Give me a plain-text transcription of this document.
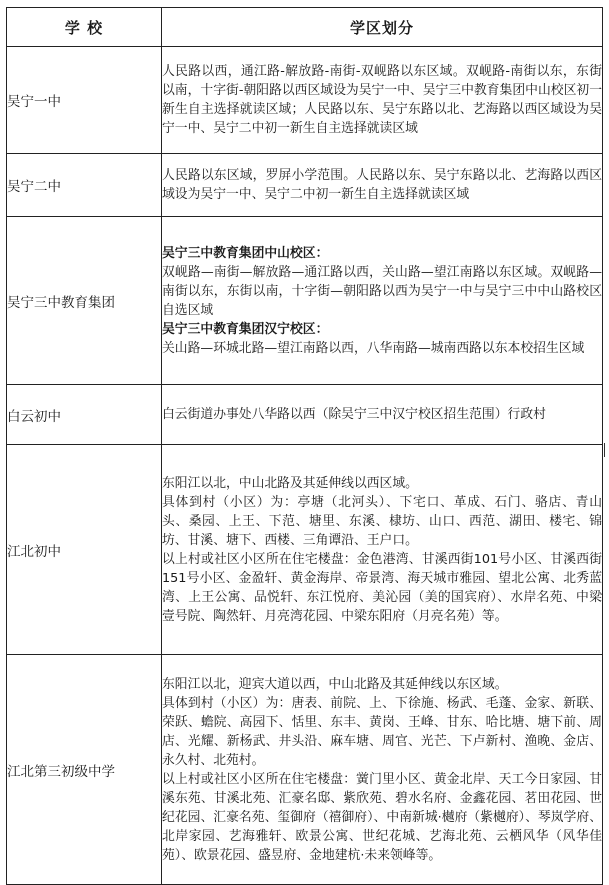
学 校	学区划分
吴宁一中	人民路以西，通江路-解放路-南街-双岘路以东区域。双岘路-南街以东，东街以南，十字街-朝阳路以西区域设为吴宁一中、吴宁三中教育集团中山校区初一新生自主选择就读区域；人民路以东、吴宁东路以北、艺海路以西区域设为吴宁一中、吴宁二中初一新生自主选择就读区域
吴宁二中	人民路以东区域，罗屏小学范围。人民路以东、吴宁东路以北、艺海路以西区域设为吴宁一中、吴宁二中初一新生自主选择就读区域
吴宁三中教育集团	吴宁三中教育集团中山校区：
双岘路—南街—解放路—通江路以西，关山路—望江南路以东区域。双岘路—南街以东，东街以南，十字街—朝阳路以西为吴宁一中与吴宁三中中山路校区自选区域
吴宁三中教育集团汉宁校区：
关山路—环城北路—望江南路以西，八华南路—城南西路以东本校招生区域

白云初中	白云街道办事处八华路以西（除吴宁三中汉宁校区招生范围）行政村
江北初中	东阳江以北，中山北路及其延伸线以西区域。
具体到村（小区）为：亭塘（北河头）、下宅口、革成、石门、骆店、青山头、桑园、上王、下范、塘里、东溪、棣坊、山口、西范、湖田、楼宅、锦坊、甘溪、塘下、西楼、三角谭沿、王户口。
以上村或社区小区所在住宅楼盘：金色港湾、甘溪西街101号小区、甘溪西街151号小区、金盈轩、黄金海岸、帝景湾、海天城市雅园、望北公寓、北秀蓝湾、上王公寓、品悦轩、东江悦府、美沁园（美的国宾府）、水岸名苑、中梁壹号院、陶然轩、月亮湾花园、中梁东阳府（月亮名苑）等。

江北第三初级中学	东阳江以北，迎宾大道以西，中山北路及其延伸线以东区域。
具体到村（小区）为：唐表、前院、上、下徐施、杨武、毛蓬、金家、新联、荣跃、蟾院、高园下、恬里、东丰、黄岗、王峰、甘东、哈比塘、塘下前、周店、光耀、新杨武、井头沿、麻车塘、周官、光芒、下卢新村、渔晚、金店、永久村、北苑村。
以上村或社区小区所在住宅楼盘：黉门里小区、黄金北岸、天工今日家园、甘溪东苑、甘溪北苑、汇豪名邸、紫欣苑、碧水名府、金鑫花园、茗田花园、世纪花园、汇豪名苑、玺御府（禧御府）、中南新城·樾府（紫樾府）、琴岚学府、北岸家园、艺海雅轩、欧景公寓、世纪花城、艺海北苑、云栖风华（风华佳苑）、欧景花园、盛昱府、金地建杭·未来领峰等。
